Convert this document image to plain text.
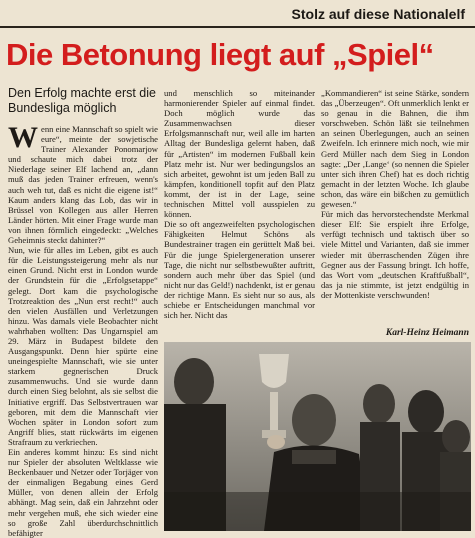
Stolz auf diese Nationalelf
Die Betonung liegt auf „Spiel“
Den Erfolg machte erst die Bundesliga möglich
W enn eine Mannschaft so spielt wie eure“, meinte der sowjetische Trainer Alexander Ponomarjow und schaute mich dabei trotz der Niederlage seiner Elf lachend an, „dann muß das jeden Trainer erfreuen, wenn's auch weh tut, daß es nicht die eigene ist!“ Kaum anders klang das Lob, das wir in Brüssel von Kollegen aus aller Herren Länder hörten. Mit einer Frage wurde man von ihnen förmlich eingedeckt: „Welches Geheimnis steckt dahinter?“

Nun, wie für alles im Leben, gibt es auch für die Leistungssteigerung mehr als nur einen Grund. Nicht erst in London wurde der Grundstein für die „Erfolgsetappe“ gelegt. Dort kam die psychologische Trotzreaktion des „Nun erst recht!“ auch den vielen Ausfällen und Verletzungen hinzu. Was damals viele Beobachter nicht wahrhaben wollten: Das Ungarnspiel am 29. März in Budapest bildete den Ausgangspunkt. Denn hier spürte eine uneingespielte Mannschaft, wie sie unter starkem gegnerischen Druck zusammenwuchs. Und sie wurde dann durch einen Sieg belohnt, als sie selbst die Initiative ergriff. Das Selbstvertrauen war geboren, mit dem die Mannschaft vier Wochen später in London sofort zum Angriff blies, statt rückwärts im eigenen Strafraum zu verkriechen.

Ein anderes kommt hinzu: Es sind nicht nur Spieler der absoluten Weltklasse wie Beckenbauer und Netzer oder Torjäger von der einmaligen Begabung eines Gerd Müller, von denen allein der Erfolg abhängt. Mag sein, daß ein Jahrzehnt oder mehr vergehen muß, ehe sich wieder eine so große Zahl überdurchschnittlich befähigter

und menschlich so miteinander harmonierender Spieler auf einmal findet. Doch möglich wurde das Zusammenwachsen dieser Erfolgsmannschaft nur, weil alle im harten Alltag der Bundesliga gelernt haben, daß für „Artisten“ im modernen Fußball kein Platz mehr ist. Nur wer bedingungslos an sich arbeitet, gewohnt ist um jeden Ball zu kämpfen, konditionell topfit auf den Platz kommt, der ist in der Lage, seine technischen Mittel voll ausspielen zu können.

Die so oft angezweifelten psychologischen Fähigkeiten Helmut Schöns als Bundestrainer tragen ein gerüttelt Maß bei. Für die junge Spielergeneration unserer Tage, die nicht nur selbstbewußter auftritt, sondern auch mehr über das Spiel (und nicht nur das Geld!) nachdenkt, ist er genau der richtige Mann. Es sieht nur so aus, als schiebe er Entscheidungen manchmal vor sich her. Nicht das

„Kommandieren“ ist seine Stärke, sondern das „Überzeugen“. Oft unmerklich lenkt er so genau in die Bahnen, die ihm vorschweben. Schön läßt sie teilnehmen an seinen Überlegungen, auch an seinen Zweifeln. Ich erinnere mich noch, wie mir Gerd Müller nach dem Sieg in London sagte: „Der ‚Lange‘ (so nennen die Spieler unter sich ihren Chef) hat es doch richtig gemacht in der letzten Woche. Ich glaube schon, das wäre ein bißchen zu gemütlich gewesen.“

Für mich das hervorstechendste Merkmal dieser Elf: Sie erspielt ihre Erfolge, verfügt technisch und taktisch über so viele Mittel und Varianten, daß sie immer wieder mit überraschenden Zügen ihre Gegner aus der Fassung bringt. Ich hoffe, das Wort vom „deutschen Kraftfußball“, das ja nie stimmte, ist jetzt endgültig in der Mottenkiste verschwunden!

Karl-Heinz Heimann
